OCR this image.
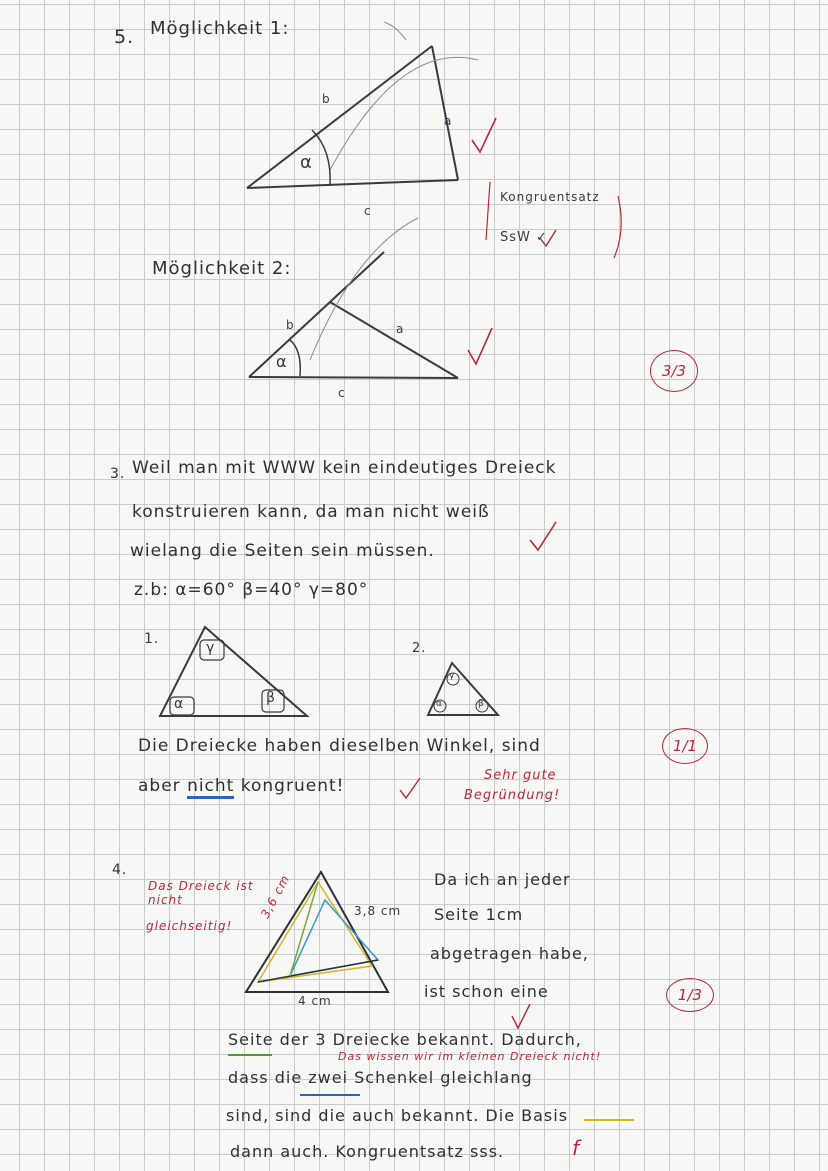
5. Möglichkeit 1:
b
a
c
α
Kongruentsatz
SsW ✓
Möglichkeit 2:
b	a
c
α	3/3
3. Weil man mit WWW kein eindeutiges Dreieck
konstruieren kann, da man nicht weiß
wielang die Seiten sein müssen.
z.b: α=60° β=40° γ=80°
1.
2.
γ
α	β
γ
α	β
Die Dreiecke haben dieselben Winkel, sind
aber nicht kongruent!
Sehr gute
Begründung!
1/1
4.
Das Dreieck ist
nicht
gleichseitig!
3,6 cm	3,8 cm
4 cm
Da ich an jeder
Seite 1cm
abgetragen habe,
ist schon eine
Seite der 3 Dreiecke bekannt. Dadurch,
Das wissen wir im kleinen Dreieck nicht!
dass die zwei Schenkel gleichlang
sind, sind die auch bekannt. Die Basis
dann auch. Kongruentsatz sss.	f
1/3
